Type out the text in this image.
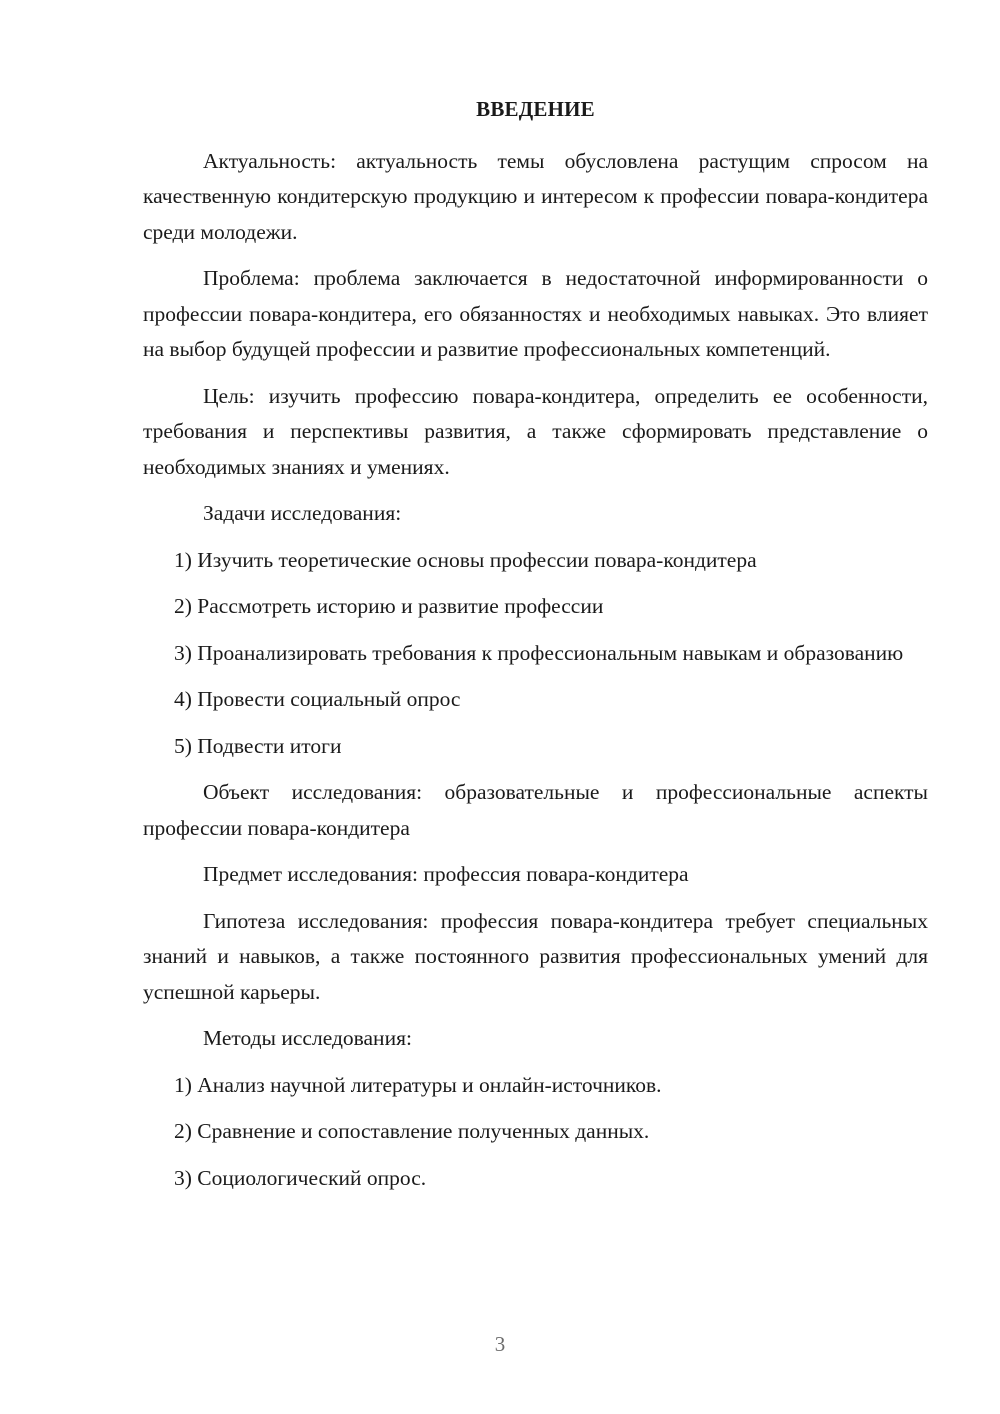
ВВЕДЕНИЕ
Актуальность: актуальность темы обусловлена растущим спросом на качественную кондитерскую продукцию и интересом к профессии повара-кондитера среди молодежи.
Проблема: проблема заключается в недостаточной информированности о профессии повара-кондитера, его обязанностях и необходимых навыках. Это влияет на выбор будущей профессии и развитие профессиональных компетенций.
Цель: изучить профессию повара-кондитера, определить ее особенности, требования и перспективы развития, а также сформировать представление о необходимых знаниях и умениях.
Задачи исследования:
1) Изучить теоретические основы профессии повара-кондитера
2) Рассмотреть историю и развитие профессии
3) Проанализировать требования к профессиональным навыкам и образованию
4) Провести социальный опрос
5) Подвести итоги
Объект исследования: образовательные и профессиональные аспекты профессии повара-кондитера
Предмет исследования: профессия повара-кондитера
Гипотеза исследования: профессия повара-кондитера требует специальных знаний и навыков, а также постоянного развития профессиональных умений для успешной карьеры.
Методы исследования:
1) Анализ научной литературы и онлайн-источников.
2) Сравнение и сопоставление полученных данных.
3) Социологический опрос.
3
